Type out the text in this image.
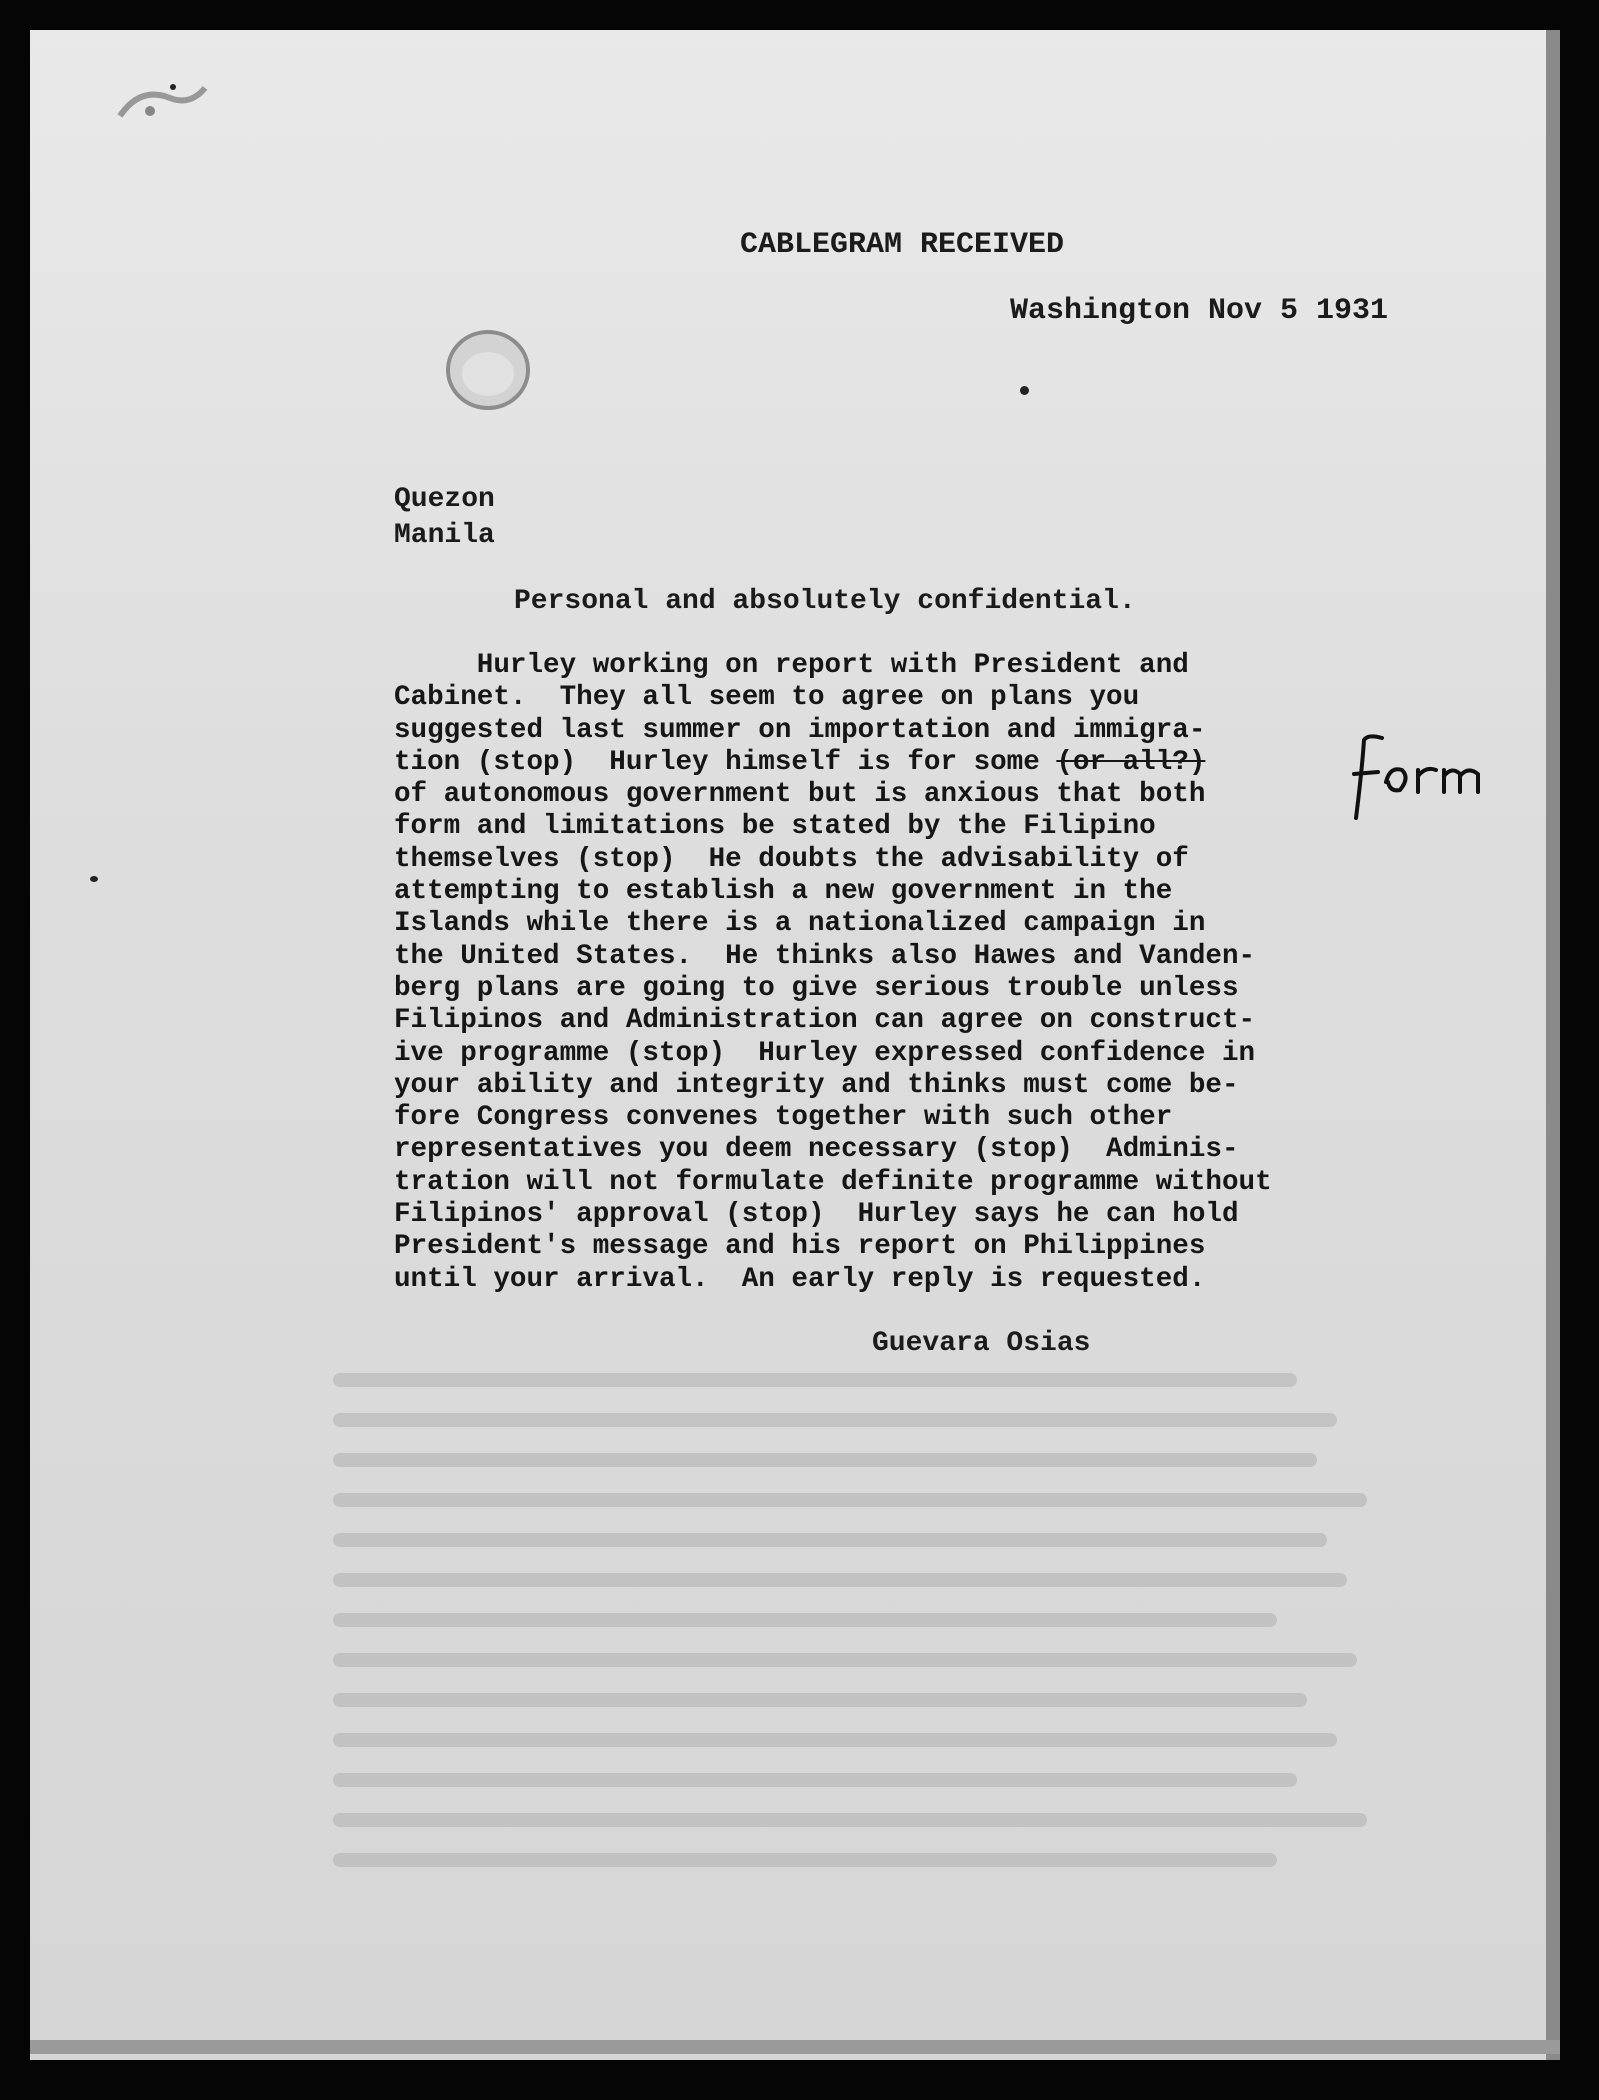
CABLEGRAM RECEIVED
Washington Nov 5 1931
Quezon
Manila
Personal and absolutely confidential.
Hurley working on report with President and
Cabinet.  They all seem to agree on plans you
suggested last summer on importation and immigra-
tion (stop)  Hurley himself is for some (or all?)
of autonomous government but is anxious that both
form and limitations be stated by the Filipino
themselves (stop)  He doubts the advisability of
attempting to establish a new government in the
Islands while there is a nationalized campaign in
the United States.  He thinks also Hawes and Vanden-
berg plans are going to give serious trouble unless
Filipinos and Administration can agree on construct-
ive programme (stop)  Hurley expressed confidence in
your ability and integrity and thinks must come be-
fore Congress convenes together with such other
representatives you deem necessary (stop)  Adminis-
tration will not formulate definite programme without
Filipinos' approval (stop)  Hurley says he can hold
President's message and his report on Philippines
until your arrival.  An early reply is requested.
Guevara Osias
